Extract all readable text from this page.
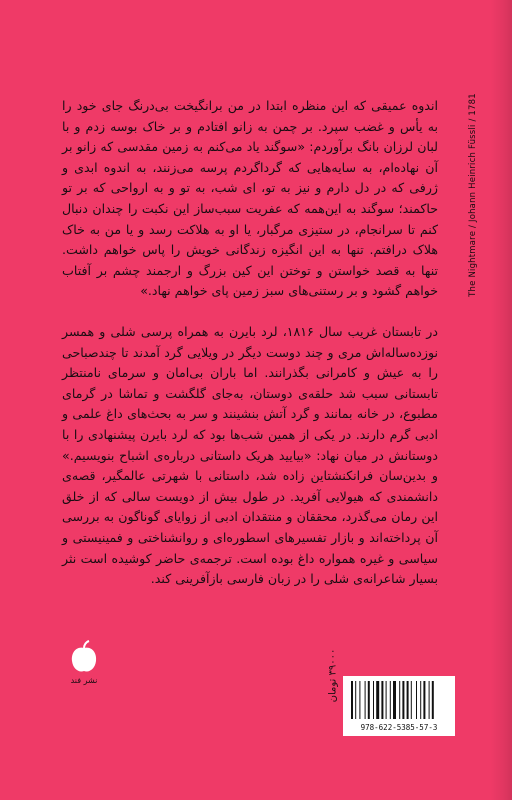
The Nightmare / Johann Heinrich Füssli / 1781

اندوه عمیقی که این منظره ابتدا در من برانگیخت بی‌درنگ جای خود را به یأس و غضب سپرد. بر چمن به زانو افتادم و بر خاک بوسه زدم و با لبان لرزان بانگ برآوردم: «سوگند یاد می‌کنم به زمین مقدسی که زانو بر آن نهاده‌ام، به سایه‌هایی که گرداگردم پرسه می‌زنند، به اندوه ابدی و ژرفی که در دل دارم و نیز به تو، ای شب، به تو و به ارواحی که بر تو حاکمند؛ سوگند به این‌همه که عفریت سبب‌ساز این نکبت را چندان دنبال کنم تا سرانجام، در ستیزی مرگبار، یا او به هلاکت رسد و یا من به خاک هلاک درافتم. تنها به این انگیزه زندگانی خویش را پاس خواهم داشت. تنها به قصد خواستن و توختن این کین بزرگ و ارجمند چشم بر آفتاب خواهم گشود و بر رستنی‌های سبز زمین پای خواهم نهاد.»

در تابستان غریب سال ۱۸۱۶، لرد بایرن به همراه پرسی شلی و همسر نوزده‌ساله‌اش مری و چند دوست دیگر در ویلایی گرد آمدند تا چندصباحی را به عیش و کامرانی بگذرانند. اما باران بی‌امان و سرمای نامنتظر تابستانی سبب شد حلقه‌ی دوستان، به‌جای گلگشت و تماشا در گرمای مطبوع، در خانه بمانند و گرد آتش بنشینند و سر به بحث‌های داغ علمی و ادبی گرم دارند. در یکی از همین شب‌ها بود که لرد بایرن پیشنهادی را با دوستانش در میان نهاد: «بیایید هریک داستانی درباره‌ی اشباح بنویسیم.» و بدین‌سان فرانکنشتاین زاده شد، داستانی با شهرتی عالمگیر، قصه‌ی دانشمندی که هیولایی آفرید. در طول بیش از دویست سالی که از خلق این رمان می‌گذرد، محققان و منتقدان ادبی از زوایای گوناگون به بررسی آن پرداخته‌اند و بازار تفسیرهای اسطوره‌ای و روانشناختی و فمینیستی و سیاسی و غیره همواره داغ بوده است. ترجمه‌ی حاضر کوشیده است نثر بسیار شاعرانه‌ی شلی را در زبان فارسی بازآفرینی کند.

نشر فند	۳۹۰۰۰ تومان
978-622-5385-57-3
